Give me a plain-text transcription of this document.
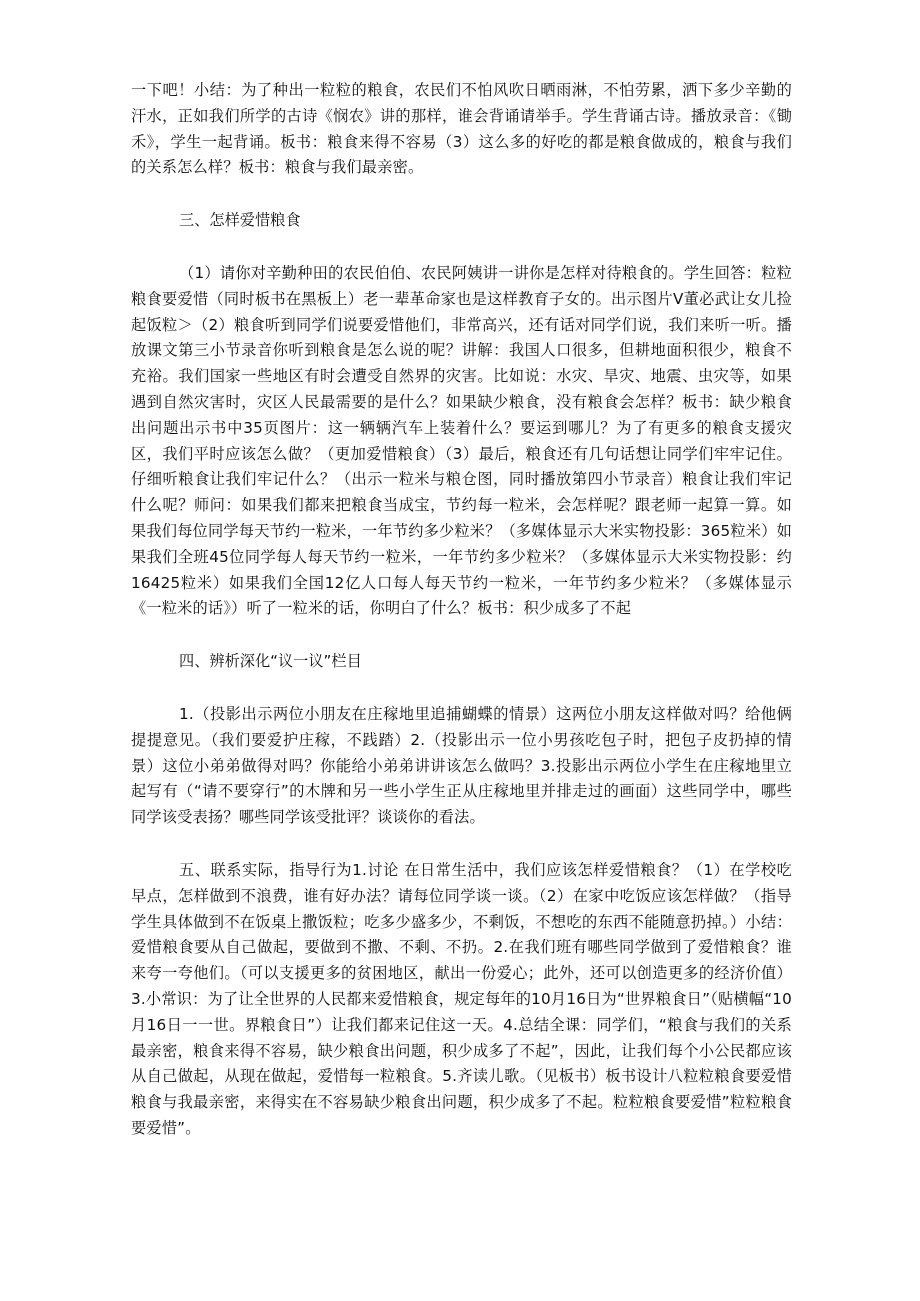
一下吧！小结：为了种出一粒粒的粮食，农民们不怕风吹日晒雨淋，不怕劳累，洒下多少辛勤的汗水，正如我们所学的古诗《悯农》讲的那样，谁会背诵请举手。学生背诵古诗。播放录音：《锄禾》，学生一起背诵。板书：粮食来得不容易（3）这么多的好吃的都是粮食做成的，粮食与我们的关系怎么样？板书：粮食与我们最亲密。

三、怎样爱惜粮食

（1）请你对辛勤种田的农民伯伯、农民阿姨讲一讲你是怎样对待粮食的。学生回答：粒粒粮食要爱惜（同时板书在黑板上）老一辈革命家也是这样教育子女的。出示图片Ⅴ董必武让女儿捡起饭粒＞（2）粮食听到同学们说要爱惜他们，非常高兴，还有话对同学们说，我们来听一听。播放课文第三小节录音你听到粮食是怎么说的呢？讲解：我国人口很多，但耕地面积很少，粮食不充裕。我们国家一些地区有时会遭受自然界的灾害。比如说：水灾、旱灾、地震、虫灾等，如果遇到自然灾害时，灾区人民最需要的是什么？如果缺少粮食，没有粮食会怎样？板书：缺少粮食出问题出示书中35页图片：这一辆辆汽车上装着什么？要运到哪儿？为了有更多的粮食支援灾区，我们平时应该怎么做？（更加爱惜粮食）（3）最后，粮食还有几句话想让同学们牢牢记住。仔细听粮食让我们牢记什么？（出示一粒米与粮仓图，同时播放第四小节录音）粮食让我们牢记什么呢？师问：如果我们都来把粮食当成宝，节约每一粒米，会怎样呢？跟老师一起算一算。如果我们每位同学每天节约一粒米，一年节约多少粒米？（多媒体显示大米实物投影：365粒米）如果我们全班45位同学每人每天节约一粒米，一年节约多少粒米？（多媒体显示大米实物投影：约16425粒米）如果我们全国12亿人口每人每天节约一粒米，一年节约多少粒米？（多媒体显示《一粒米的话》）听了一粒米的话，你明白了什么？板书：积少成多了不起

四、辨析深化“议一议”栏目

1.（投影出示两位小朋友在庄稼地里追捕蝴蝶的情景）这两位小朋友这样做对吗？给他俩提提意见。（我们要爱护庄稼，不践踏）2.（投影出示一位小男孩吃包子时，把包子皮扔掉的情景）这位小弟弟做得对吗？你能给小弟弟讲讲该怎么做吗？3.投影出示两位小学生在庄稼地里立起写有（“请不要穿行”的木牌和另一些小学生正从庄稼地里并排走过的画面）这些同学中，哪些同学该受表扬？哪些同学该受批评？谈谈你的看法。

五、联系实际，指导行为1.讨论 在日常生活中，我们应该怎样爱惜粮食？（1）在学校吃早点，怎样做到不浪费，谁有好办法？请每位同学谈一谈。（2）在家中吃饭应该怎样做？（指导学生具体做到不在饭桌上撒饭粒；吃多少盛多少，不剩饭，不想吃的东西不能随意扔掉。）小结：爱惜粮食要从自己做起，要做到不撒、不剩、不扔。2.在我们班有哪些同学做到了爱惜粮食？谁来夸一夸他们。（可以支援更多的贫困地区，献出一份爱心；此外，还可以创造更多的经济价值）3.小常识：为了让全世界的人民都来爱惜粮食，规定每年的10月16日为“世界粮食日”（贴横幅“10月16日一一世。界粮食日”）让我们都来记住这一天。4.总结全课：同学们，“粮食与我们的关系最亲密，粮食来得不容易，缺少粮食出问题，积少成多了不起”，因此，让我们每个小公民都应该从自己做起，从现在做起，爱惜每一粒粮食。5.齐读儿歌。（见板书）板书设计八粒粒粮食要爱惜粮食与我最亲密，来得实在不容易缺少粮食出问题，积少成多了不起。粒粒粮食要爱惜”粒粒粮食要爱惜”。
